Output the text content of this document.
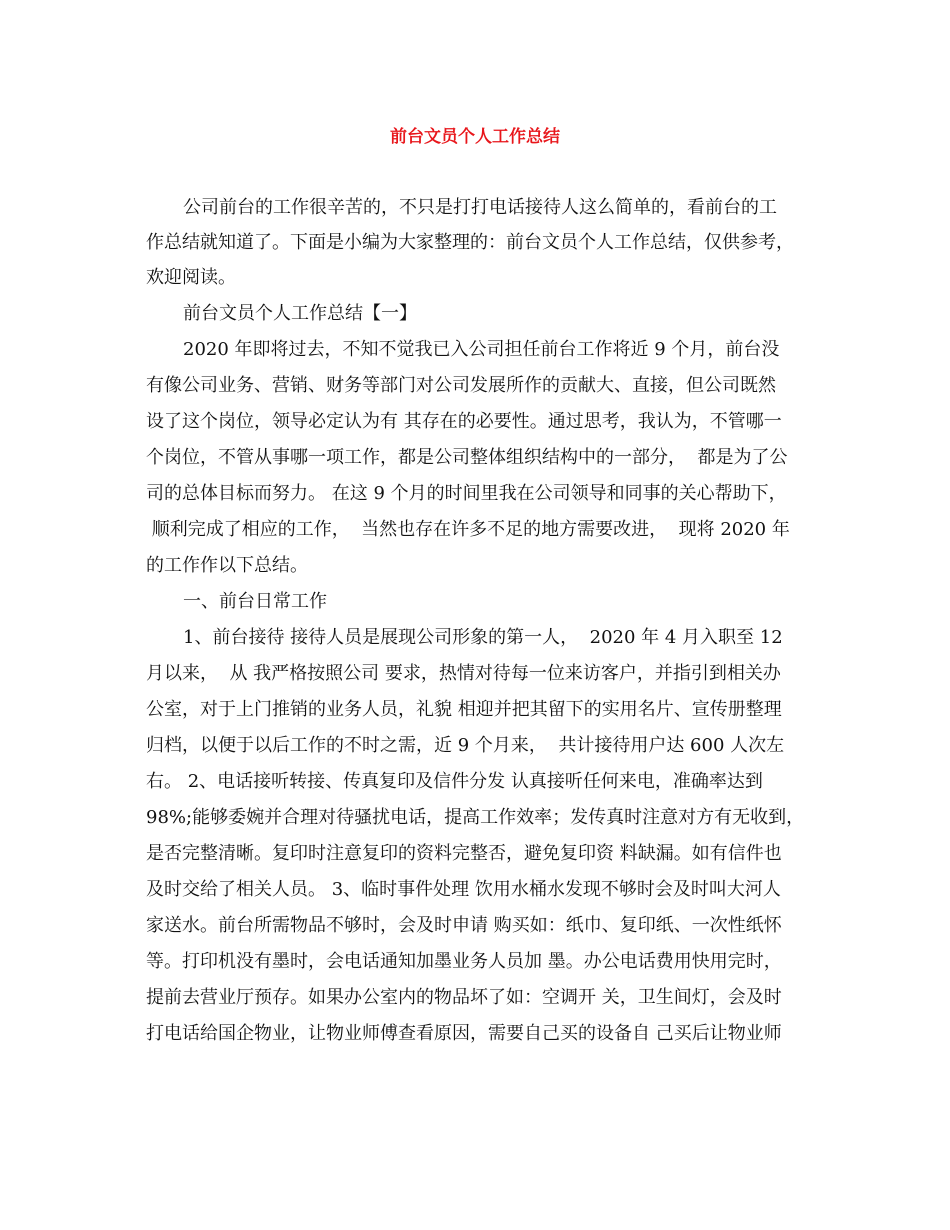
前台文员个人工作总结

公司前台的工作很辛苦的，不只是打打电话接待人这么简单的，看前台的工

作总结就知道了。下面是小编为大家整理的：前台文员个人工作总结，仅供参考，

欢迎阅读。

前台文员个人工作总结【一】

2020 年即将过去，不知不觉我已入公司担任前台工作将近 9 个月，前台没

有像公司业务、营销、财务等部门对公司发展所作的贡献大、直接，但公司既然

设了这个岗位，领导必定认为有 其存在的必要性。通过思考，我认为，不管哪一

个岗位，不管从事哪一项工作，都是公司整体组织结构中的一部分，  都是为了公

司的总体目标而努力。 在这 9 个月的时间里我在公司领导和同事的关心帮助下，

顺利完成了相应的工作，  当然也存在许多不足的地方需要改进，  现将 2020 年

的工作作以下总结。

一、前台日常工作

1、前台接待 接待人员是展现公司形象的第一人，  2020 年 4 月入职至 12

月以来，  从 我严格按照公司 要求，热情对待每一位来访客户，并指引到相关办

公室，对于上门推销的业务人员，礼貌 相迎并把其留下的实用名片、宣传册整理

归档，以便于以后工作的不时之需，近 9 个月来，  共计接待用户达 600 人次左

右。 2、电话接听转接、传真复印及信件分发 认真接听任何来电，准确率达到

98%;能够委婉并合理对待骚扰电话，提高工作效率；发传真时注意对方有无收到，

是否完整清晰。复印时注意复印的资料完整否，避免复印资 料缺漏。如有信件也

及时交给了相关人员。 3、临时事件处理 饮用水桶水发现不够时会及时叫大河人

家送水。前台所需物品不够时，会及时申请 购买如：纸巾、复印纸、一次性纸怀

等。打印机没有墨时，会电话通知加墨业务人员加 墨。办公电话费用快用完时，

提前去营业厅预存。如果办公室内的物品坏了如：空调开 关，卫生间灯，会及时

打电话给国企物业，让物业师傅查看原因，需要自己买的设备自 己买后让物业师
